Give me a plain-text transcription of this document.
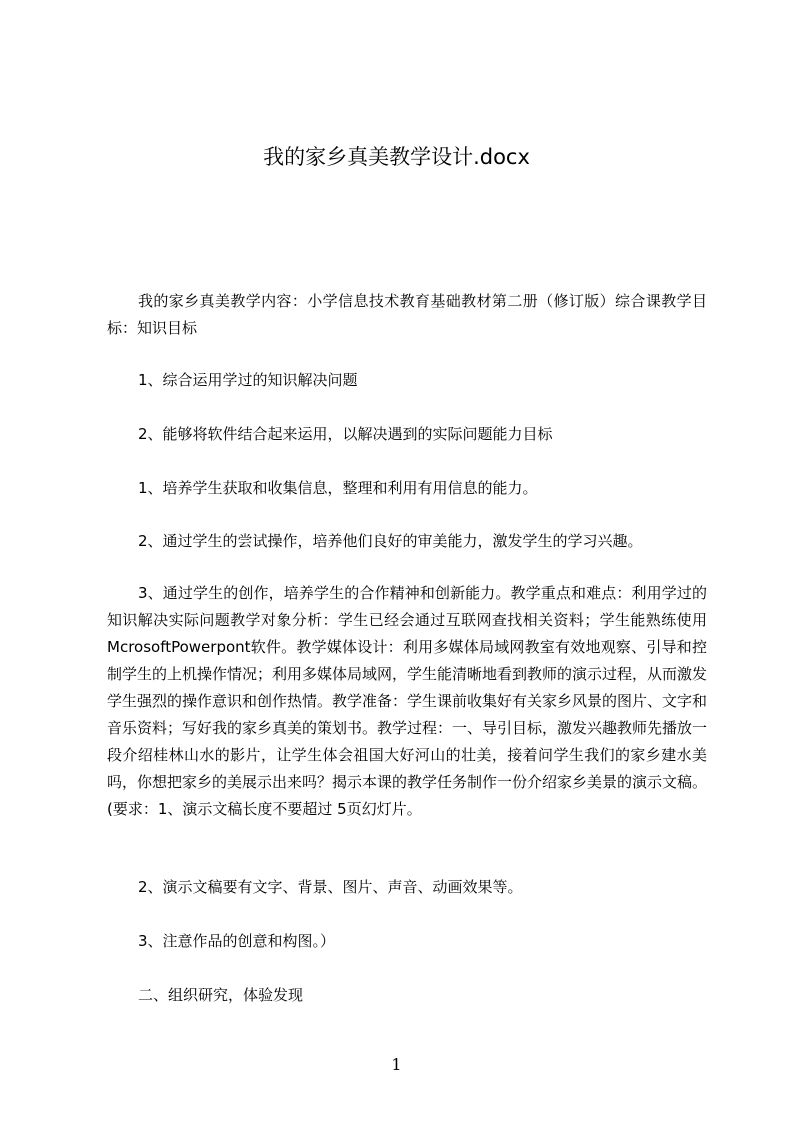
我的家乡真美教学设计.docx

我的家乡真美教学内容：小学信息技术教育基础教材第二册（修订版）综合课教学目标：知识目标

1、综合运用学过的知识解决问题

2、能够将软件结合起来运用，以解决遇到的实际问题能力目标

1、培养学生获取和收集信息，整理和利用有用信息的能力。

2、通过学生的尝试操作，培养他们良好的审美能力，激发学生的学习兴趣。

3、通过学生的创作，培养学生的合作精神和创新能力。教学重点和难点：利用学过的知识解决实际问题教学对象分析：学生已经会通过互联网查找相关资料；学生能熟练使用McrosoftPowerpont软件。教学媒体设计：利用多媒体局域网教室有效地观察、引导和控制学生的上机操作情况；利用多媒体局域网，学生能清晰地看到教师的演示过程，从而激发学生强烈的操作意识和创作热情。教学准备：学生课前收集好有关家乡风景的图片、文字和音乐资料；写好我的家乡真美的策划书。教学过程：一、导引目标，激发兴趣教师先播放一段介绍桂林山水的影片，让学生体会祖国大好河山的壮美，接着问学生我们的家乡建水美吗，你想把家乡的美展示出来吗？揭示本课的教学任务制作一份介绍家乡美景的演示文稿。(要求：1、演示文稿长度不要超过 5页幻灯片。

2、演示文稿要有文字、背景、图片、声音、动画效果等。

3、注意作品的创意和构图。）

二、组织研究，体验发现

1
